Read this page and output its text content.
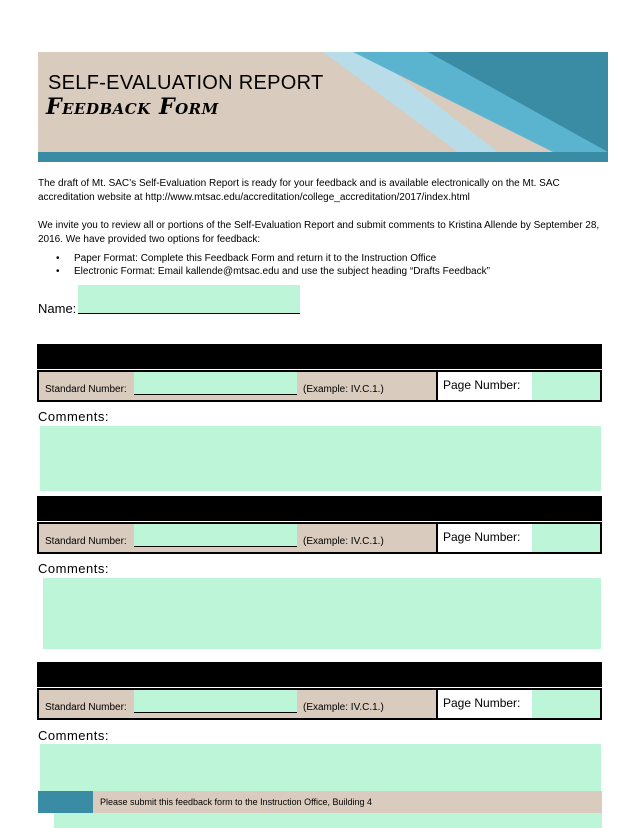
SELF-EVALUATION REPORT
Feedback Form
The draft of Mt. SAC’s Self-Evaluation Report is ready for your feedback and is available electronically on the Mt. SAC accreditation website at http://www.mtsac.edu/accreditation/college_accreditation/2017/index.html
We invite you to review all or portions of the Self-Evaluation Report and submit comments to Kristina Allende by September 28, 2016. We have provided two options for feedback:
• Paper Format: Complete this Feedback Form and return it to the Instruction Office
• Electronic Format: Email kallende@mtsac.edu and use the subject heading “Drafts Feedback”
Name:
Standard Number:	(Example: IV.C.1.)	Page Number:
Comments:
Standard Number:	(Example: IV.C.1.)	Page Number:
Comments:
Standard Number:	(Example: IV.C.1.)	Page Number:
Comments:
Please submit this feedback form to the Instruction Office, Building 4
